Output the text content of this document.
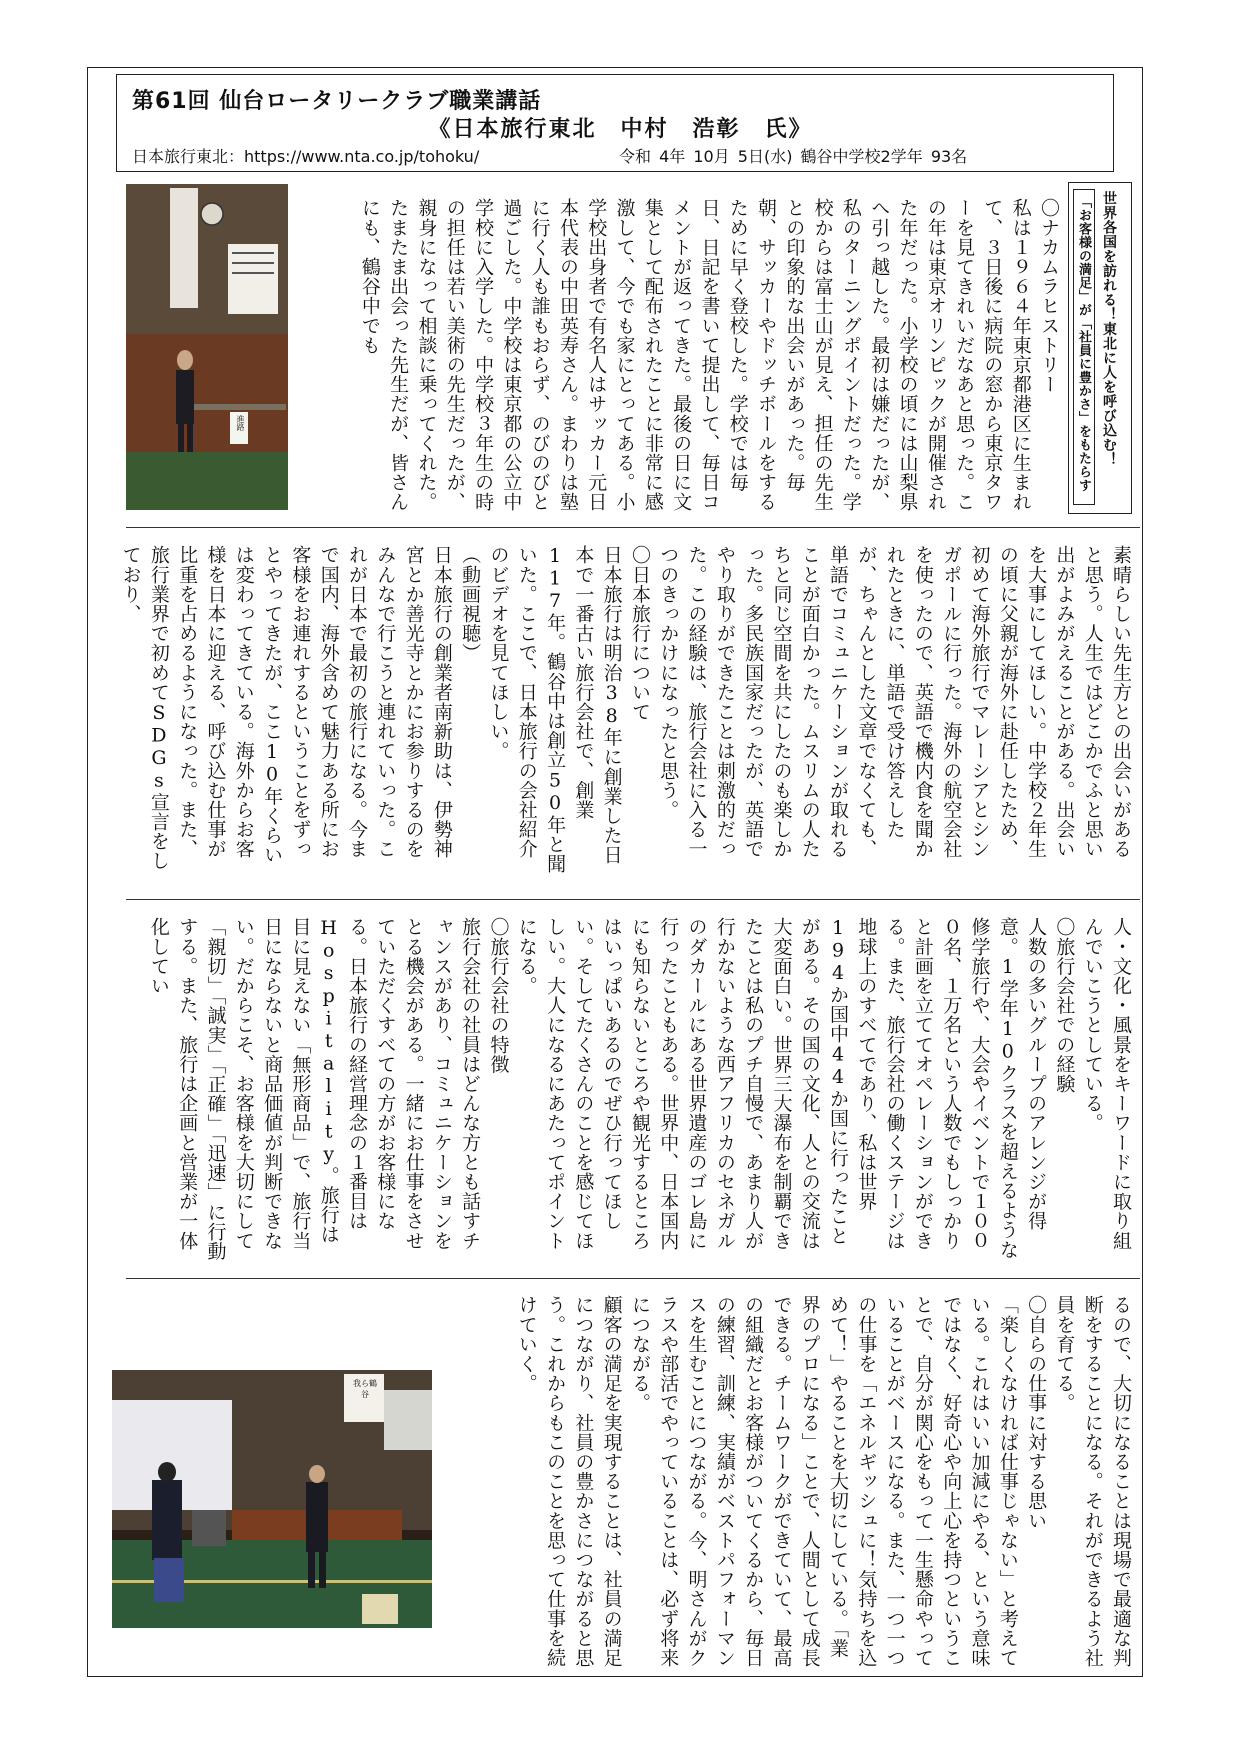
第61回 仙台ロータリークラブ職業講話
《日本旅行東北　中村　浩彰　氏》
日本旅行東北：https://www.nta.co.jp/tohoku/	令和 4年 10月 5日(水) 鶴谷中学校2学年 93名
世界各国を訪れる！東北に人を呼び込む！
「お客様の満足」が「社員に豊かさ」をもたらす
進路
〇ナカムラヒストリー
私は１９６４年東京都港区に生まれて、３日後に病院の窓から東京タワーを見てきれいだなあと思った。この年は東京オリンピックが開催された年だった。小学校の頃には山梨県へ引っ越した。最初は嫌だったが、私のターニングポイントだった。学校からは富士山が見え、担任の先生との印象的な出会いがあった。毎朝、サッカーやドッチボールをするために早く登校した。学校では毎日、日記を書いて提出して、毎日コメントが返ってきた。最後の日に文集として配布されたことに非常に感激して、今でも家にとってある。小学校出身者で有名人はサッカー元日本代表の中田英寿さん。まわりは塾に行く人も誰もおらず、のびのびと過ごした。中学校は東京都の公立中学校に入学した。中学校３年生の時の担任は若い美術の先生だったが、親身になって相談に乗ってくれた。たまたま出会った先生だが、皆さんにも、鶴谷中でも
素晴らしい先生方との出会いがあると思う。人生ではどこかでふと思い出がよみがえることがある。出会いを大事にしてほしい。中学校２年生の頃に父親が海外に赴任したため、初めて海外旅行でマレーシアとシンガポールに行った。海外の航空会社を使ったので、英語で機内食を聞かれたときに、単語で受け答えしたが、ちゃんとした文章でなくても、単語でコミュニケーションが取れることが面白かった。ムスリムの人たちと同じ空間を共にしたのも楽しかった。多民族国家だったが、英語でやり取りができたことは刺激的だった。この経験は、旅行会社に入る一つのきっかけになったと思う。
〇日本旅行について
日本旅行は明治38年に創業した日本で一番古い旅行会社で、創業117年。鶴谷中は創立50年と聞いた。ここで、日本旅行の会社紹介のビデオを見てほしい。
（動画視聴）
日本旅行の創業者南新助は、伊勢神宮とか善光寺とかにお参りするのをみんなで行こうと連れていった。これが日本で最初の旅行になる。今まで国内、海外含めて魅力ある所にお客様をお連れするということをずっとやってきたが、ここ10年くらいは変わってきている。海外からお客様を日本に迎える、呼び込む仕事が比重を占めるようになった。また、旅行業界で初めてSDGs宣言をしており、
人・文化・風景をキーワードに取り組んでいこうとしている。
〇旅行会社での経験
人数の多いグループのアレンジが得意。1学年10クラスを超えるような修学旅行や、大会やイベントで１０００名、１万名という人数でもしっかりと計画を立ててオペレーションができる。また、旅行会社の働くステージは地球上のすべてであり、私は世界194か国中44か国に行ったことがある。その国の文化、人との交流は大変面白い。世界三大瀑布を制覇できたことは私のプチ自慢で、あまり人が行かないような西アフリカのセネガルのダカールにある世界遺産のゴレ島に行ったこともある。世界中、日本国内にも知らないところや観光するところはいっぱいあるのでぜひ行ってほしい。そしてたくさんのことを感じてほしい。大人になるにあたってポイントになる。
〇旅行会社の特徴
旅行会社の社員はどんな方とも話すチャンスがあり、コミュニケーションをとる機会がある。一緒にお仕事をさせていただくすべての方がお客様になる。日本旅行の経営理念の１番目はHospitality。旅行は目に見えない「無形商品」で、旅行当日にならないと商品価値が判断できない。だからこそ、お客様を大切にして「親切」「誠実」「正確」「迅速」に行動する。また、旅行は企画と営業が一体化してい
我ら鶴谷	るので、大切になることは現場で最適な判断をすることになる。それができるよう社員を育てる。
〇自らの仕事に対する思い
「楽しくなければ仕事じゃない」と考えている。これはいい加減にやる、という意味ではなく、好奇心や向上心を持つということで、自分が関心をもって一生懸命やっていることがベースになる。また、一つ一つの仕事を「エネルギッシュに！気持ちを込めて！」やることを大切にしている。「業界のプロになる」ことで、人間として成長できる。チームワークができていて、最高の組織だとお客様がついてくるから、毎日の練習、訓練、実績がベストパフォーマンスを生むことにつながる。今、明さんがクラスや部活でやっていることは、必ず将来につながる。
顧客の満足を実現することは、社員の満足につながり、社員の豊かさにつながると思う。これからもこのことを思って仕事を続けていく。
